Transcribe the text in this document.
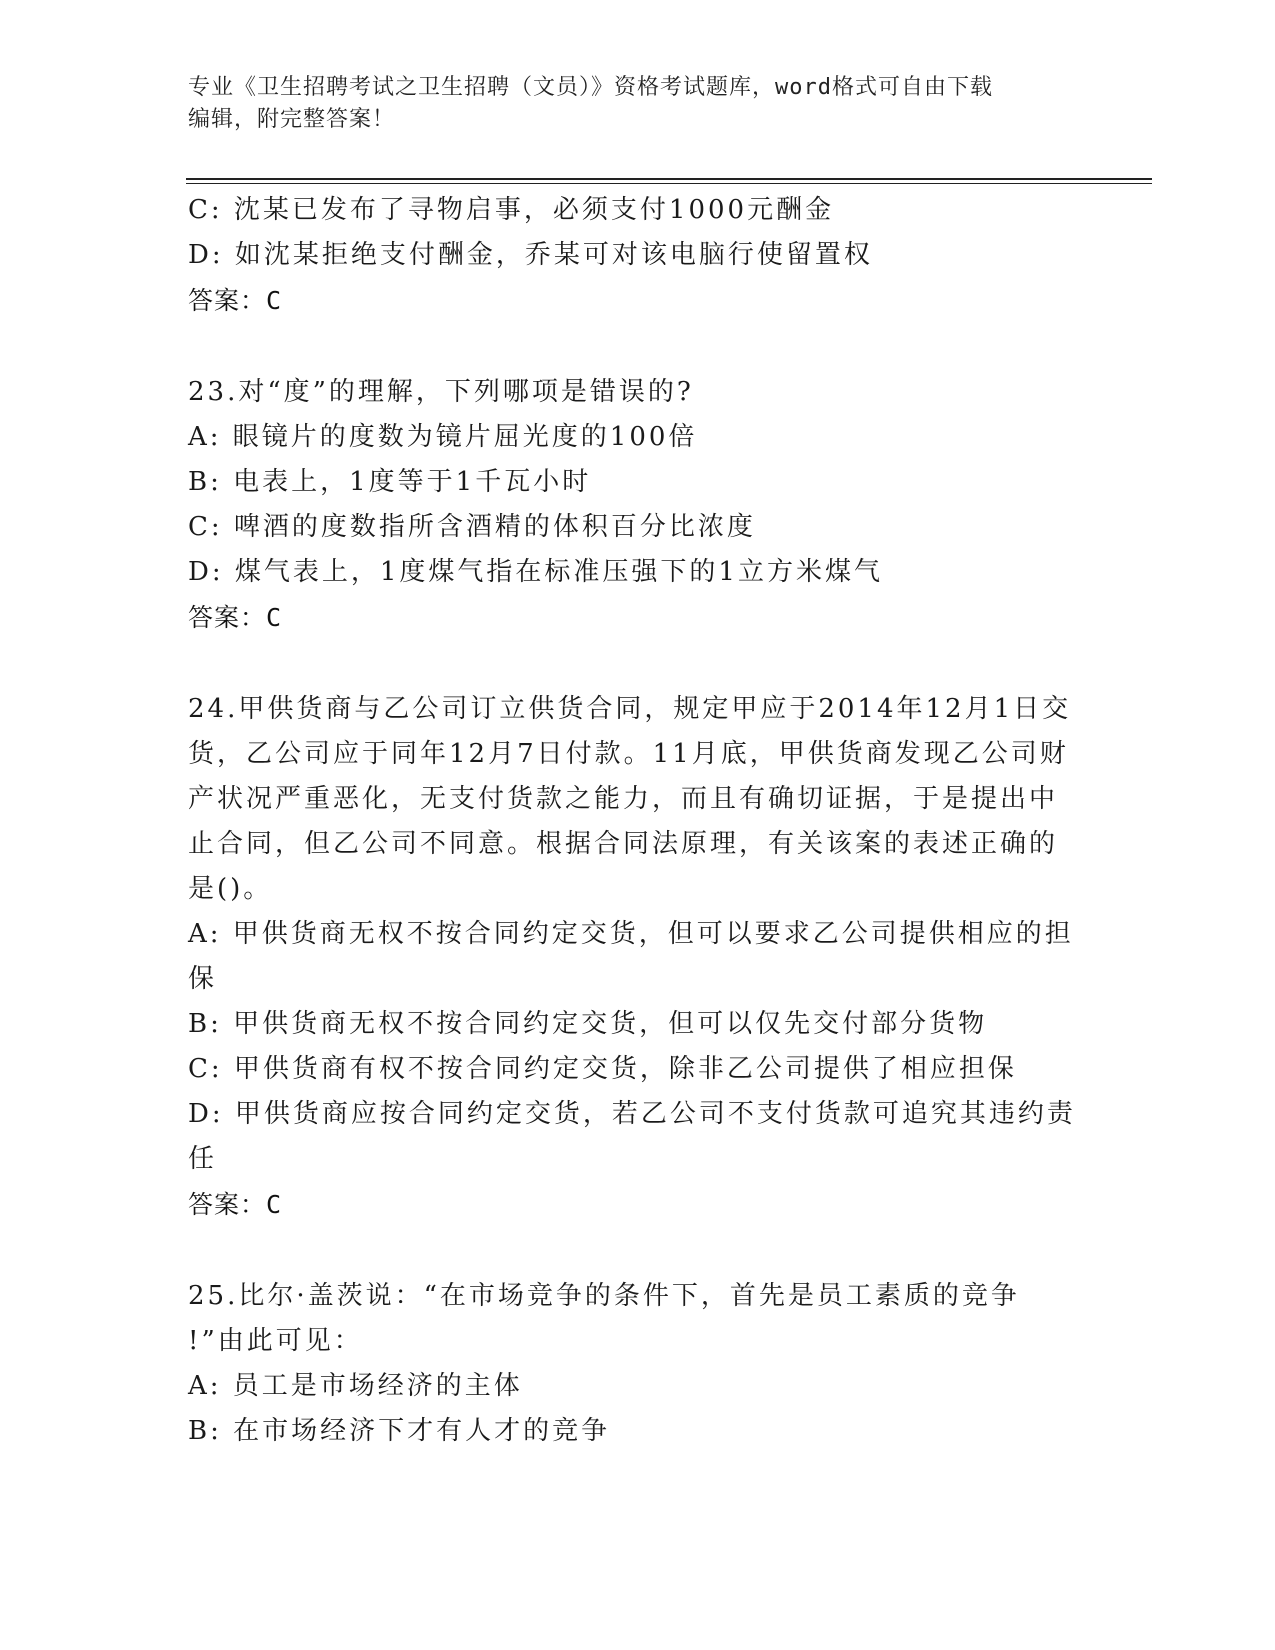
专业《卫生招聘考试之卫生招聘（文员）》资格考试题库，word格式可自由下载
编辑，附完整答案！
C: 沈某已发布了寻物启事，必须支付1000元酬金
D: 如沈某拒绝支付酬金，乔某可对该电脑行使留置权
答案：C
23.对“度”的理解，下列哪项是错误的?
A: 眼镜片的度数为镜片屈光度的100倍
B: 电表上，1度等于1千瓦小时
C: 啤酒的度数指所含酒精的体积百分比浓度
D: 煤气表上，1度煤气指在标准压强下的1立方米煤气
答案：C
24.甲供货商与乙公司订立供货合同，规定甲应于2014年12月1日交
货，乙公司应于同年12月7日付款。11月底，甲供货商发现乙公司财
产状况严重恶化，无支付货款之能力，而且有确切证据，于是提出中
止合同，但乙公司不同意。根据合同法原理，有关该案的表述正确的
是()。
A: 甲供货商无权不按合同约定交货，但可以要求乙公司提供相应的担
保
B: 甲供货商无权不按合同约定交货，但可以仅先交付部分货物
C: 甲供货商有权不按合同约定交货，除非乙公司提供了相应担保
D: 甲供货商应按合同约定交货，若乙公司不支付货款可追究其违约责
任
答案：C
25.比尔·盖茨说：“在市场竞争的条件下，首先是员工素质的竞争
!”由此可见：
A: 员工是市场经济的主体
B: 在市场经济下才有人才的竞争
